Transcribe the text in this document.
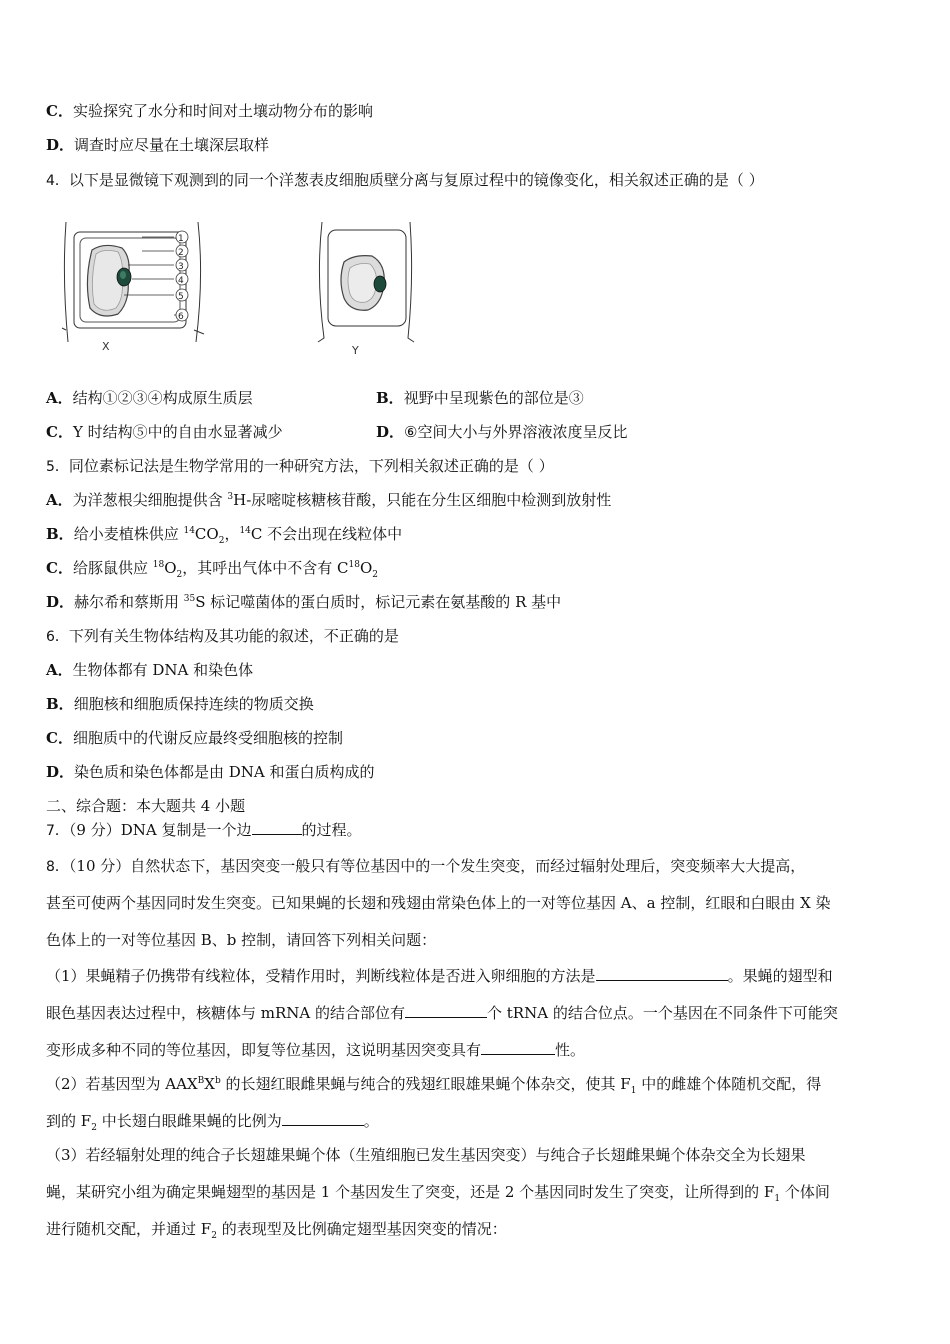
C．实验探究了水分和时间对土壤动物分布的影响
D．调查时应尽量在土壤深层取样
4．以下是显微镜下观测到的同一个洋葱表皮细胞质壁分离与复原过程中的镜像变化，相关叙述正确的是（ ）
1
2
3
4
5
6
X	Y
A．结构①②③④构成原生质层	B．视野中呈现紫色的部位是③
C．Y 时结构⑤中的自由水显著减少	D．⑥空间大小与外界溶液浓度呈反比
5．同位素标记法是生物学常用的一种研究方法，下列相关叙述正确的是（ ）
A．为洋葱根尖细胞提供含 $^3$H-尿嘧啶核糖核苷酸，只能在分生区细胞中检测到放射性
B．给小麦植株供应 $^{14}CO_2$，$^{14}$C 不会出现在线粒体中
C．给豚鼠供应 $^{18}O_2$，其呼出气体中不含有 $C^{18}O_2$
D．赫尔希和蔡斯用 $^{35}$S 标记噬菌体的蛋白质时，标记元素在氨基酸的 R 基中
6．下列有关生物体结构及其功能的叙述，不正确的是
A．生物体都有 DNA 和染色体
B．细胞核和细胞质保持连续的物质交换
C．细胞质中的代谢反应最终受细胞核的控制
D．染色质和染色体都是由 DNA 和蛋白质构成的
二、综合题：本大题共 4 小题
7．（9 分）DNA 复制是一个边	的过程。
8．（10 分）自然状态下，基因突变一般只有等位基因中的一个发生突变，而经过辐射处理后，突变频率大大提高，
甚至可使两个基因同时发生突变。已知果蝇的长翅和残翅由常染色体上的一对等位基因 A、a 控制，红眼和白眼由 X 染
色体上的一对等位基因 B、b 控制，请回答下列相关问题：
（1）果蝇精子仍携带有线粒体，受精作用时，判断线粒体是否进入卵细胞的方法是	。果蝇的翅型和
眼色基因表达过程中，核糖体与 mRNA 的结合部位有	个 tRNA 的结合位点。一个基因在不同条件下可能突
变形成多种不同的等位基因，即复等位基因，这说明基因突变具有	性。
（2）若基因型为 $AAX^BX^b$ 的长翅红眼雌果蝇与纯合的残翅红眼雄果蝇个体杂交，使其 $F_1$ 中的雌雄个体随机交配，得
到的 $F_2$ 中长翅白眼雌果蝇的比例为	。
（3）若经辐射处理的纯合子长翅雄果蝇个体（生殖细胞已发生基因突变）与纯合子长翅雌果蝇个体杂交全为长翅果
蝇，某研究小组为确定果蝇翅型的基因是 1 个基因发生了突变，还是 2 个基因同时发生了突变，让所得到的 $F_1$ 个体间
进行随机交配，并通过 $F_2$ 的表现型及比例确定翅型基因突变的情况：
